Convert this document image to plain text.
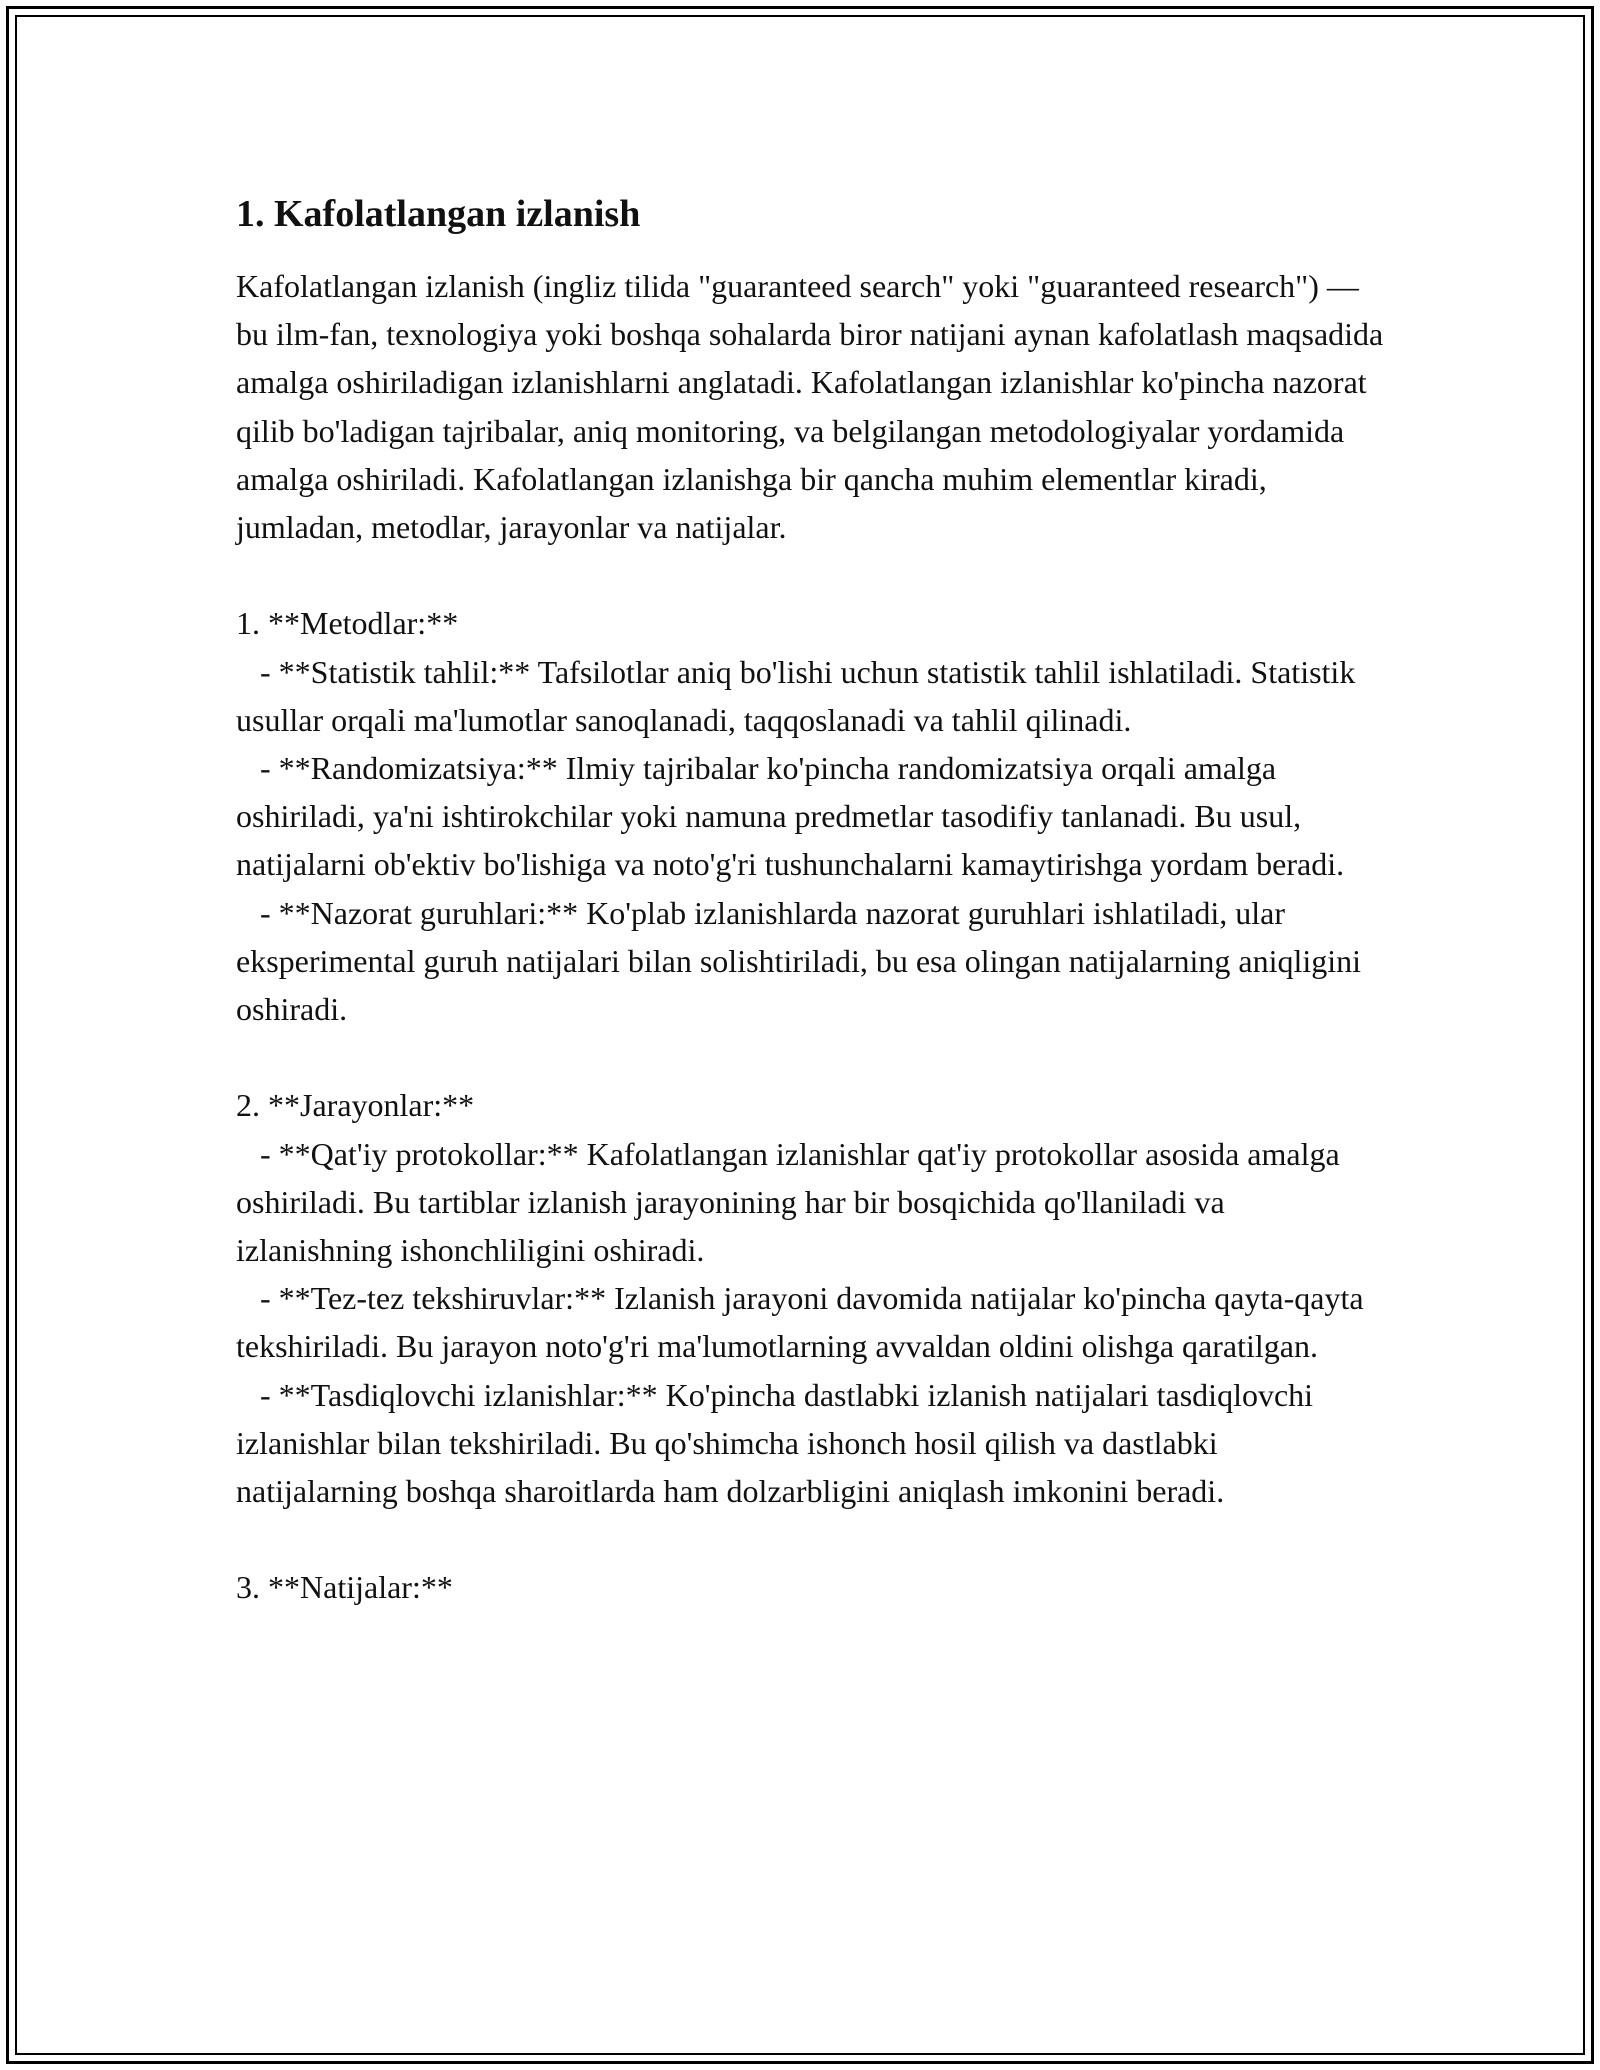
1. Kafolatlangan izlanish

Kafolatlangan izlanish (ingliz tilida "guaranteed search" yoki "guaranteed research") — bu ilm-fan, texnologiya yoki boshqa sohalarda biror natijani aynan kafolatlash maqsadida amalga oshiriladigan izlanishlarni anglatadi. Kafolatlangan izlanishlar ko'pincha nazorat qilib bo'ladigan tajribalar, aniq monitoring, va belgilangan metodologiyalar yordamida amalga oshiriladi. Kafolatlangan izlanishga bir qancha muhim elementlar kiradi, jumladan, metodlar, jarayonlar va natijalar.

1. **Metodlar:**
- **Statistik tahlil:** Tafsilotlar aniq bo'lishi uchun statistik tahlil ishlatiladi. Statistik usullar orqali ma'lumotlar sanoqlanadi, taqqoslanadi va tahlil qilinadi.
- **Randomizatsiya:** Ilmiy tajribalar ko'pincha randomizatsiya orqali amalga oshiriladi, ya'ni ishtirokchilar yoki namuna predmetlar tasodifiy tanlanadi. Bu usul, natijalarni ob'ektiv bo'lishiga va noto'g'ri tushunchalarni kamaytirishga yordam beradi.
- **Nazorat guruhlari:** Ko'plab izlanishlarda nazorat guruhlari ishlatiladi, ular eksperimental guruh natijalari bilan solishtiriladi, bu esa olingan natijalarning aniqligini oshiradi.
2. **Jarayonlar:**
- **Qat'iy protokollar:** Kafolatlangan izlanishlar qat'iy protokollar asosida amalga oshiriladi. Bu tartiblar izlanish jarayonining har bir bosqichida qo'llaniladi va izlanishning ishonchliligini oshiradi.
- **Tez-tez tekshiruvlar:** Izlanish jarayoni davomida natijalar ko'pincha qayta-qayta tekshiriladi. Bu jarayon noto'g'ri ma'lumotlarning avvaldan oldini olishga qaratilgan.
- **Tasdiqlovchi izlanishlar:** Ko'pincha dastlabki izlanish natijalari tasdiqlovchi izlanishlar bilan tekshiriladi. Bu qo'shimcha ishonch hosil qilish va dastlabki natijalarning boshqa sharoitlarda ham dolzarbligini aniqlash imkonini beradi.
3. **Natijalar:**
